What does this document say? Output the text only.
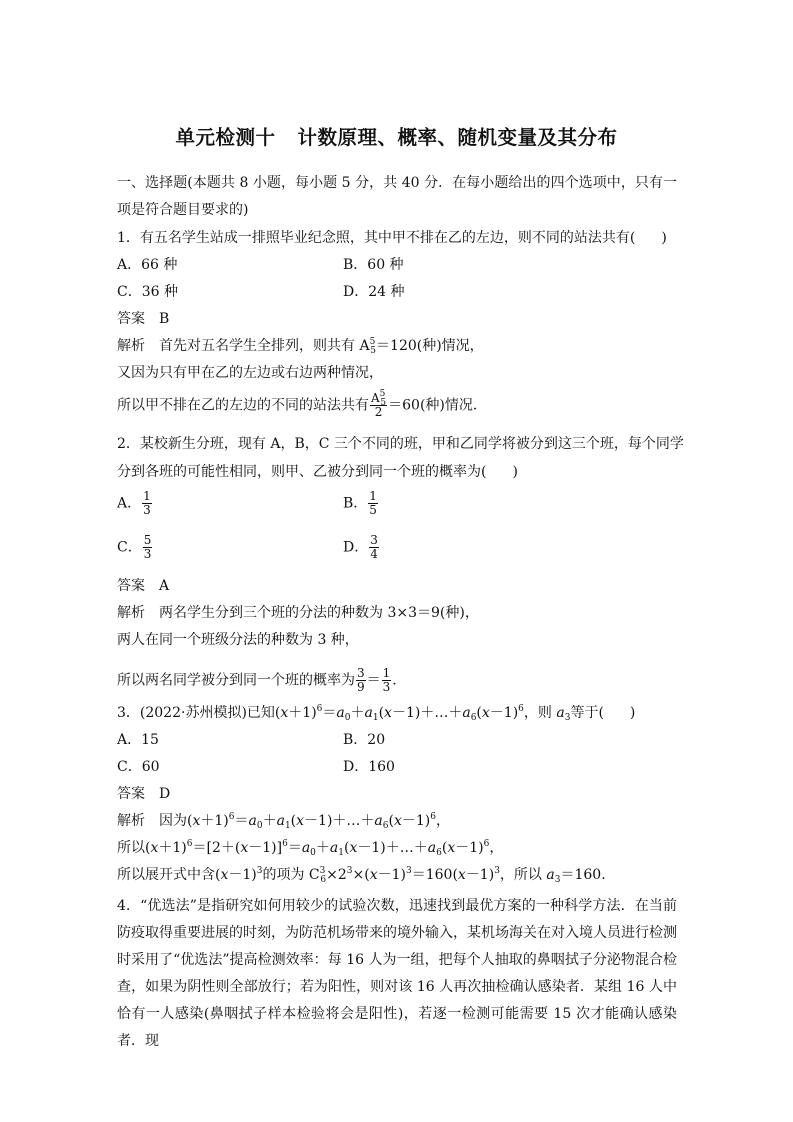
单元检测十 计数原理、概率、随机变量及其分布
一、选择题(本题共 8 小题，每小题 5 分，共 40 分．在每小题给出的四个选项中，只有一项是符合题目要求的)
1．有五名学生站成一排照毕业纪念照，其中甲不排在乙的左边，则不同的站法共有( )
A．66 种	B．60 种
C．36 种	D．24 种
答案 B
解析 首先对五名学生全排列，则共有 $A^5_5=120$(种)情况，
又因为只有甲在乙的左边或右边两种情况，
所以甲不排在乙的左边的不同的站法共有 $\frac{A^5_5}{2} =60$(种)情况．
2．某校新生分班，现有 A，B，C 三个不同的班，甲和乙同学将被分到这三个班，每个同学
分到各班的可能性相同，则甲、乙被分到同一个班的概率为( )
A． $\frac{1}{3}$	B． $\frac{1}{5}$
C． $\frac{5}{3}$	D． $\frac{3}{4}$
答案 A
解析 两名学生分到三个班的分法的种数为 3×3＝9(种)，
两人在同一个班级分法的种数为 3 种，
所以两名同学被分到同一个班的概率为 $\frac{3}{9} = \frac{1}{3}$ .
3．(2022·苏州模拟)已知$(x+1)^6=a_0+a_1(x-1)+\dots+a_6(x-1)^6$，则 $a_3$等于( )
A．15	B．20
C．60	D．160
答案 D
解析 因为$(x+1)^6=a_0+a_1(x-1)+\dots+a_6(x-1)^6$，
所以$(x+1)^6=[2+(x-1)]^6=a_0+a_1(x-1)+\dots+a_6(x-1)^6$，
所以展开式中含$(x-1)^3$的项为 $C^3_6\times 2^3\times(x-1)^3=160(x-1)^3$，所以 $a_3=160$.
4．“优选法”是指研究如何用较少的试验次数，迅速找到最优方案的一种科学方法．在当前防疫取得重要进展的时刻，为防范机场带来的境外输入，某机场海关在对入境人员进行检测时采用了“优选法”提高检测效率：每 16 人为一组，把每个人抽取的鼻咽拭子分泌物混合检查，如果为阴性则全部放行；若为阳性，则对该 16 人再次抽检确认感染者．某组 16 人中恰有一人感染(鼻咽拭子样本检验将会是阳性)，若逐一检测可能需要 15 次才能确认感染者．现
